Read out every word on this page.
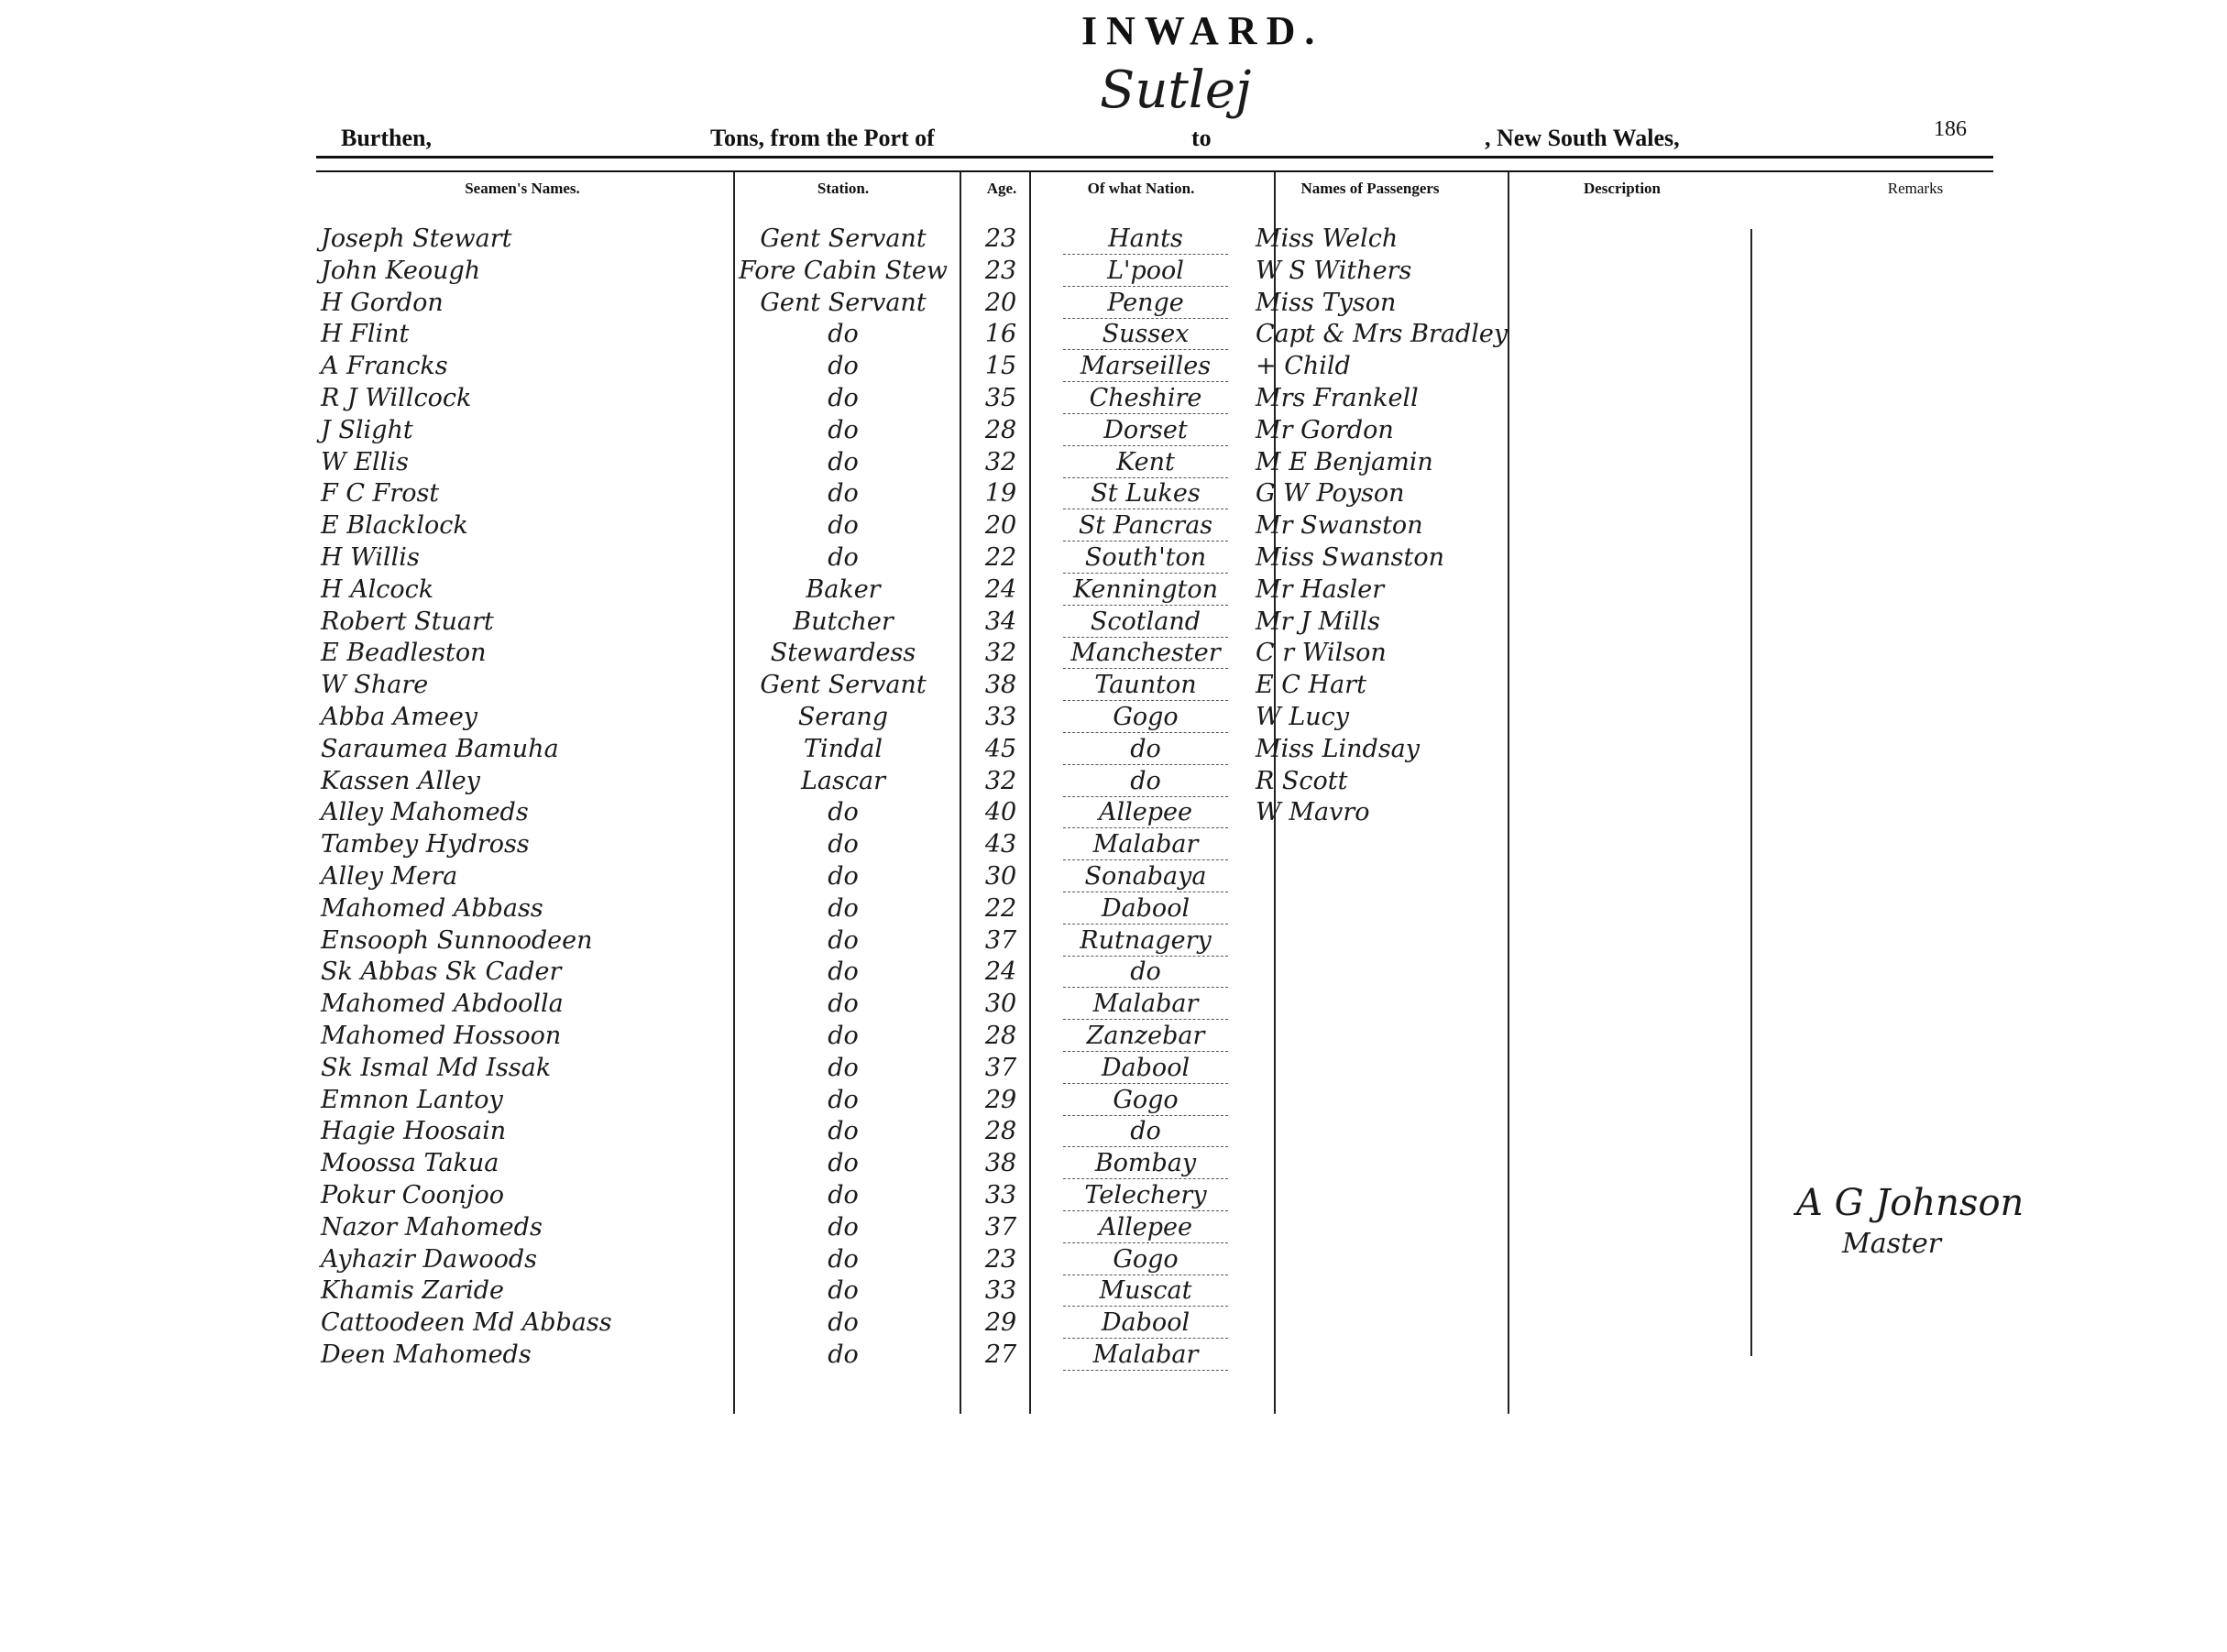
INWARD.
Sutlej
Burthen,	Tons, from the Port of	to	, New South Wales,	186
Seamen's Names.	Station.	Age.	Of what Nation.	Names of Passengers	Description	Remarks
Joseph Stewart	Gent Servant	23	Hants	Miss Welch
John Keough	Fore Cabin Stew	23	L'pool	W S Withers
H Gordon	Gent Servant	20	Penge	Miss Tyson
H Flint	do	16	Sussex	Capt & Mrs Bradley
A Francks	do	15	Marseilles	+ Child
R J Willcock	do	35	Cheshire	Mrs Frankell
J Slight	do	28	Dorset	Mr Gordon
W Ellis	do	32	Kent	M E Benjamin
F C Frost	do	19	St Lukes	G W Poyson
E Blacklock	do	20	St Pancras	Mr Swanston
H Willis	do	22	South'ton	Miss Swanston
H Alcock	Baker	24	Kennington	Mr Hasler
Robert Stuart	Butcher	34	Scotland	Mr J Mills
E Beadleston	Stewardess	32	Manchester	C r Wilson
W Share	Gent Servant	38	Taunton	E C Hart
Abba Ameey	Serang	33	Gogo	W Lucy
Saraumea Bamuha	Tindal	45	do	Miss Lindsay
Kassen Alley	Lascar	32	do	R Scott
Alley Mahomeds	do	40	Allepee	W Mavro
Tambey Hydross	do	43	Malabar
Alley Mera	do	30	Sonabaya
Mahomed Abbass	do	22	Dabool
Ensooph Sunnoodeen	do	37	Rutnagery
Sk Abbas Sk Cader	do	24	do
Mahomed Abdoolla	do	30	Malabar
Mahomed Hossoon	do	28	Zanzebar
Sk Ismal Md Issak	do	37	Dabool
Emnon Lantoy	do	29	Gogo
Hagie Hoosain	do	28	do
Moossa Takua	do	38	Bombay
Pokur Coonjoo	do	33	Telechery
Nazor Mahomeds	do	37	Allepee
Ayhazir Dawoods	do	23	Gogo
Khamis Zaride	do	33	Muscat
Cattoodeen Md Abbass	do	29	Dabool
Deen Mahomeds	do	27	Malabar
A G Johnson
Master
